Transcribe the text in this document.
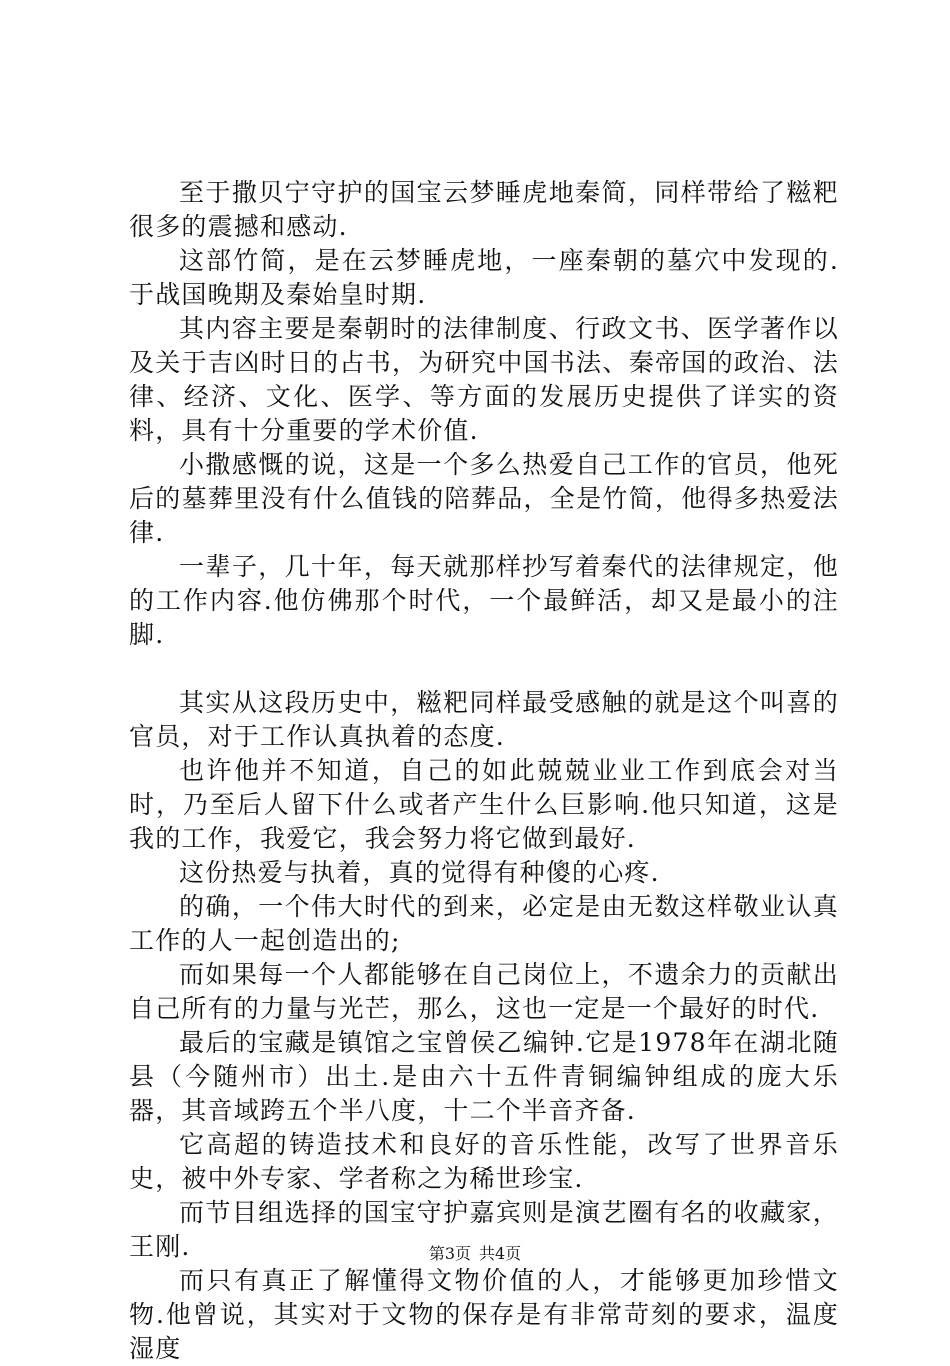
至于撒贝宁守护的国宝云梦睡虎地秦简，同样带给了糍粑很多的震撼和感动.

这部竹简，是在云梦睡虎地，一座秦朝的墓穴中发现的.于战国晚期及秦始皇时期.

其内容主要是秦朝时的法律制度、行政文书、医学著作以及关于吉凶时日的占书，为研究中国书法、秦帝国的政治、法律、经济、文化、医学、等方面的发展历史提供了详实的资料，具有十分重要的学术价值.

小撒感慨的说，这是一个多么热爱自己工作的官员，他死后的墓葬里没有什么值钱的陪葬品，全是竹简，他得多热爱法律.

一辈子，几十年，每天就那样抄写着秦代的法律规定，他的工作内容.他仿佛那个时代，一个最鲜活，却又是最小的注脚.

其实从这段历史中，糍粑同样最受感触的就是这个叫喜的官员，对于工作认真执着的态度.

也许他并不知道，自己的如此兢兢业业工作到底会对当时，乃至后人留下什么或者产生什么巨影响.他只知道，这是我的工作，我爱它，我会努力将它做到最好.

这份热爱与执着，真的觉得有种傻的心疼.

的确，一个伟大时代的到来，必定是由无数这样敬业认真工作的人一起创造出的;

而如果每一个人都能够在自己岗位上，不遗余力的贡献出自己所有的力量与光芒，那么，这也一定是一个最好的时代.

最后的宝藏是镇馆之宝曾侯乙编钟.它是1978年在湖北随县（今随州市）出土.是由六十五件青铜编钟组成的庞大乐器，其音域跨五个半八度，十二个半音齐备.

它高超的铸造技术和良好的音乐性能，改写了世界音乐史，被中外专家、学者称之为稀世珍宝.

而节目组选择的国宝守护嘉宾则是演艺圈有名的收藏家，王刚.

而只有真正了解懂得文物价值的人，才能够更加珍惜文物.他曾说，其实对于文物的保存是有非常苛刻的要求，温度湿度

第3页 共4页
